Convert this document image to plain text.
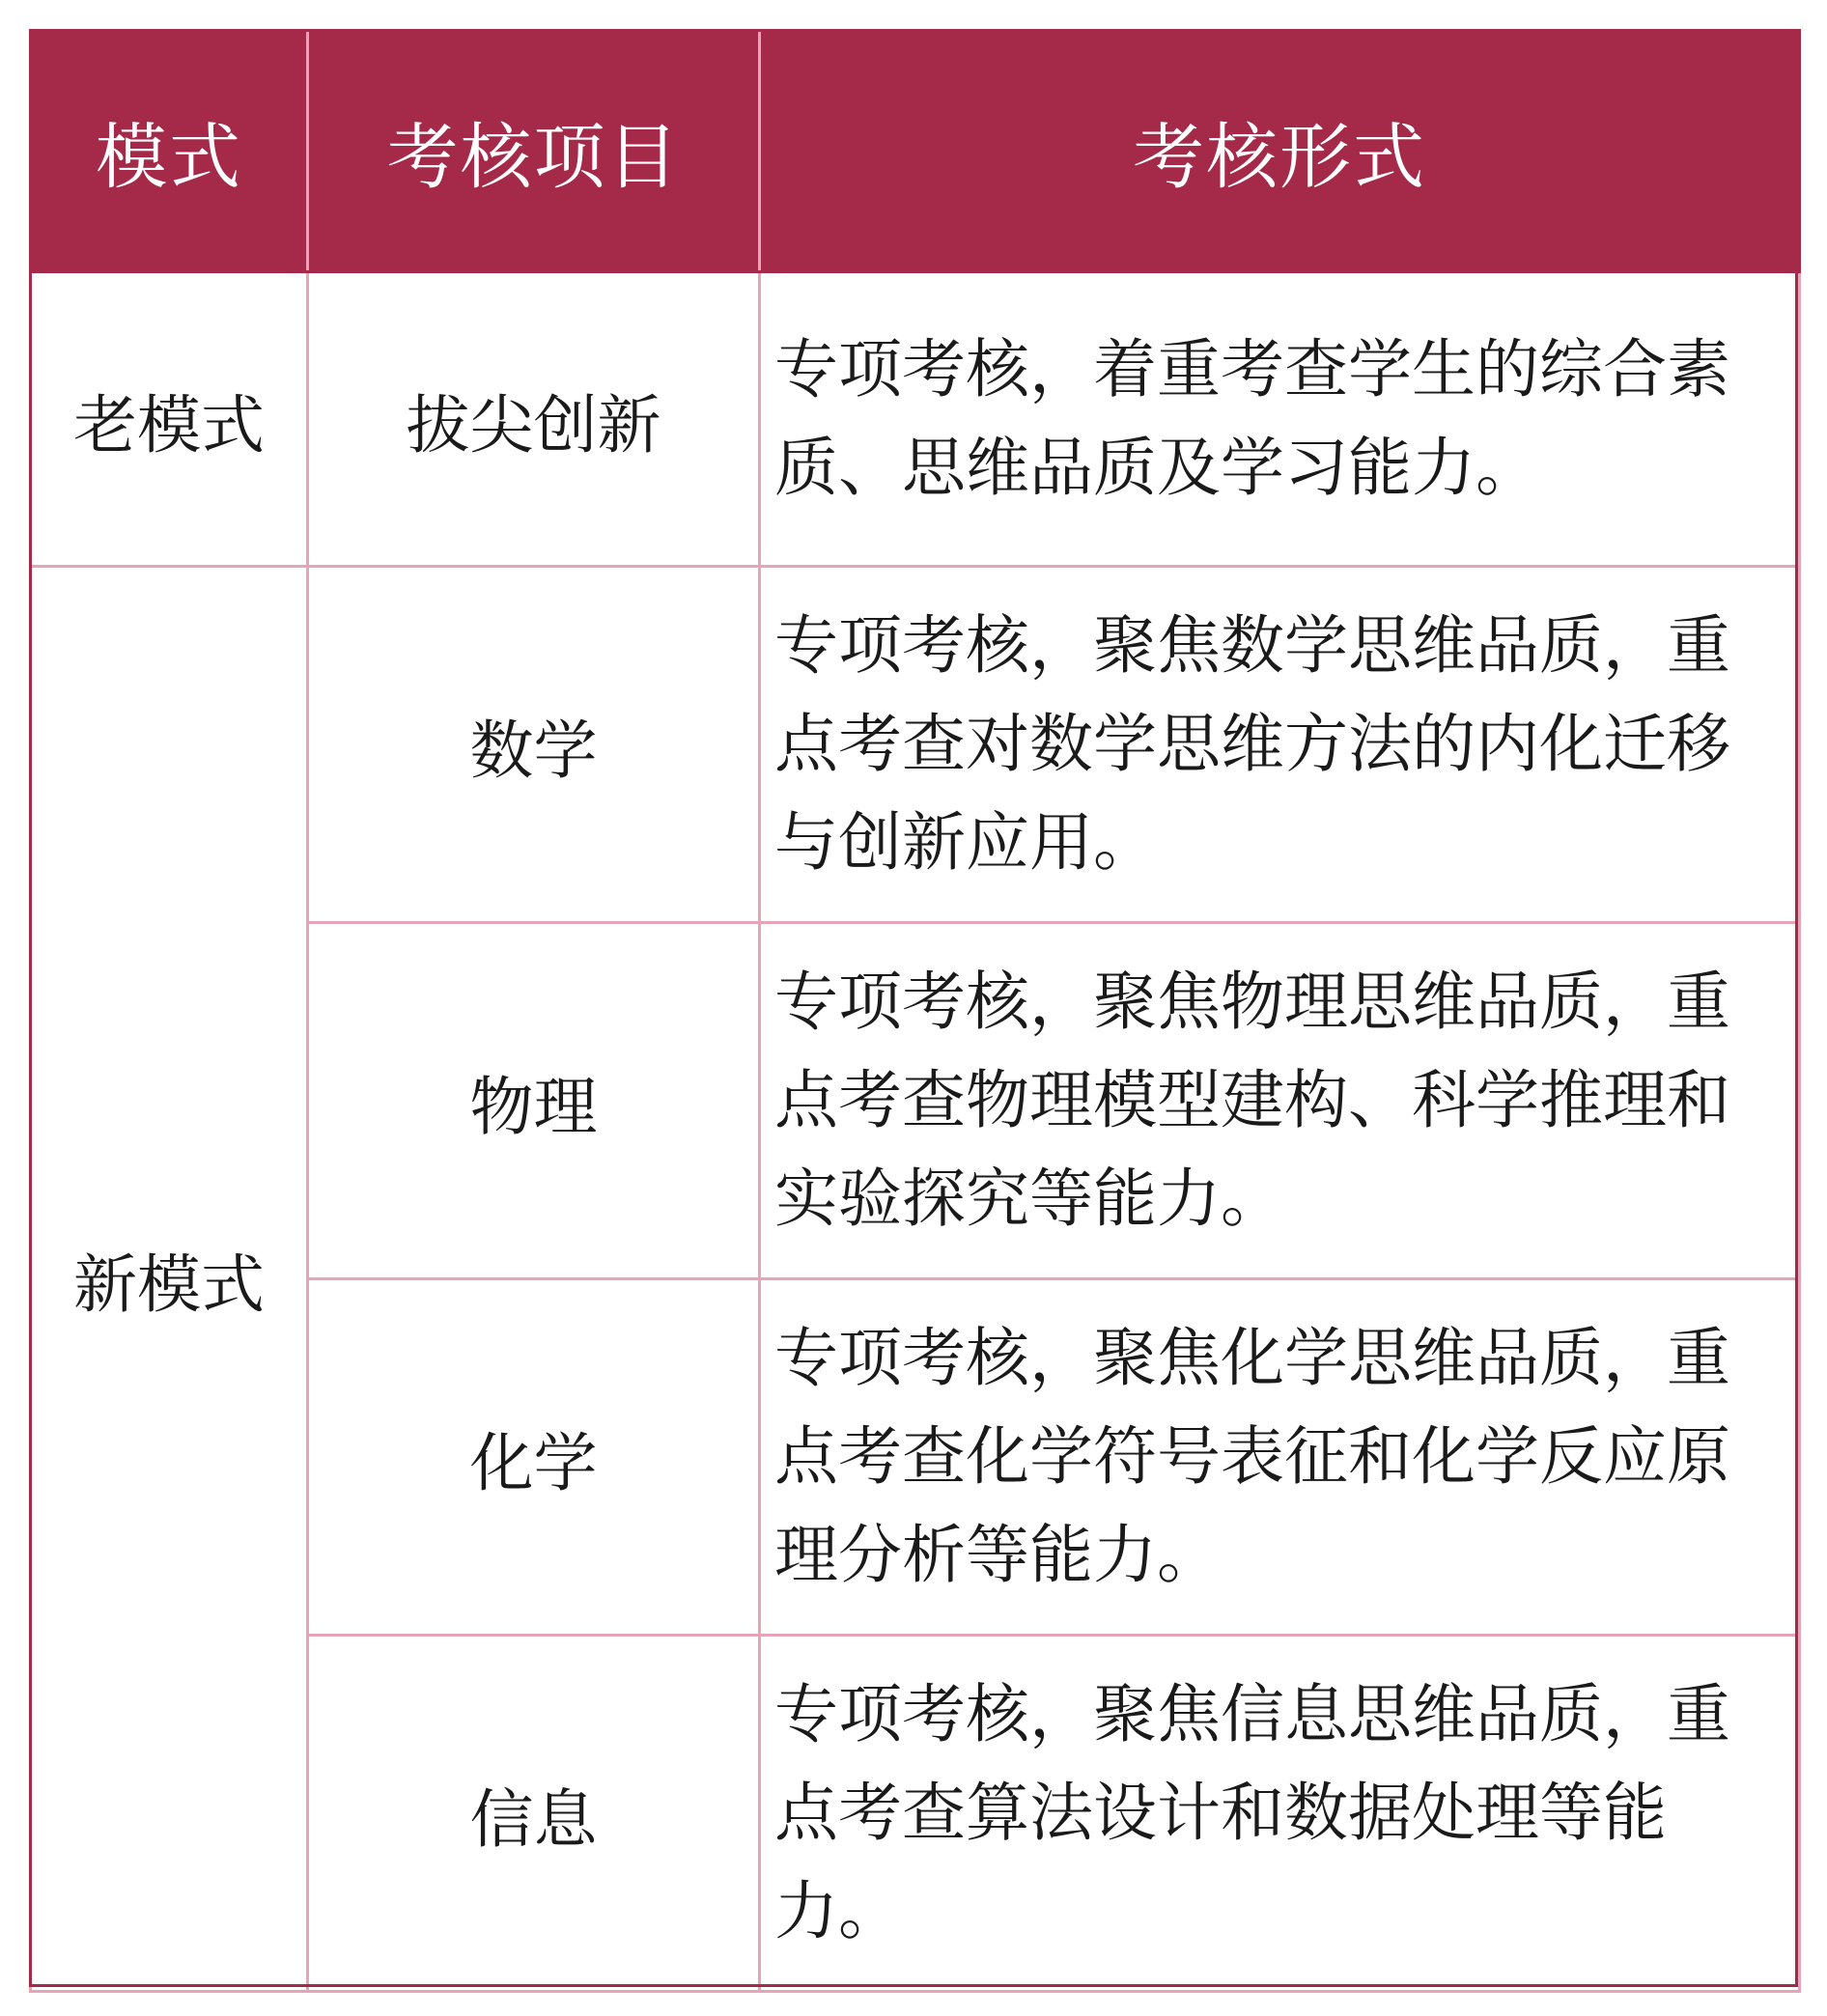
模式	考核项目	考核形式
老模式	拔尖创新	专项考核，着重考查学生的综合素质、思维品质及学习能力。
新模式	数学	专项考核，聚焦数学思维品质，重点考查对数学思维方法的内化迁移与创新应用。
	物理	专项考核，聚焦物理思维品质，重点考查物理模型建构、科学推理和实验探究等能力。
	化学	专项考核，聚焦化学思维品质，重点考查化学符号表征和化学反应原理分析等能力。
	信息	专项考核，聚焦信息思维品质，重点考查算法设计和数据处理等能力。
